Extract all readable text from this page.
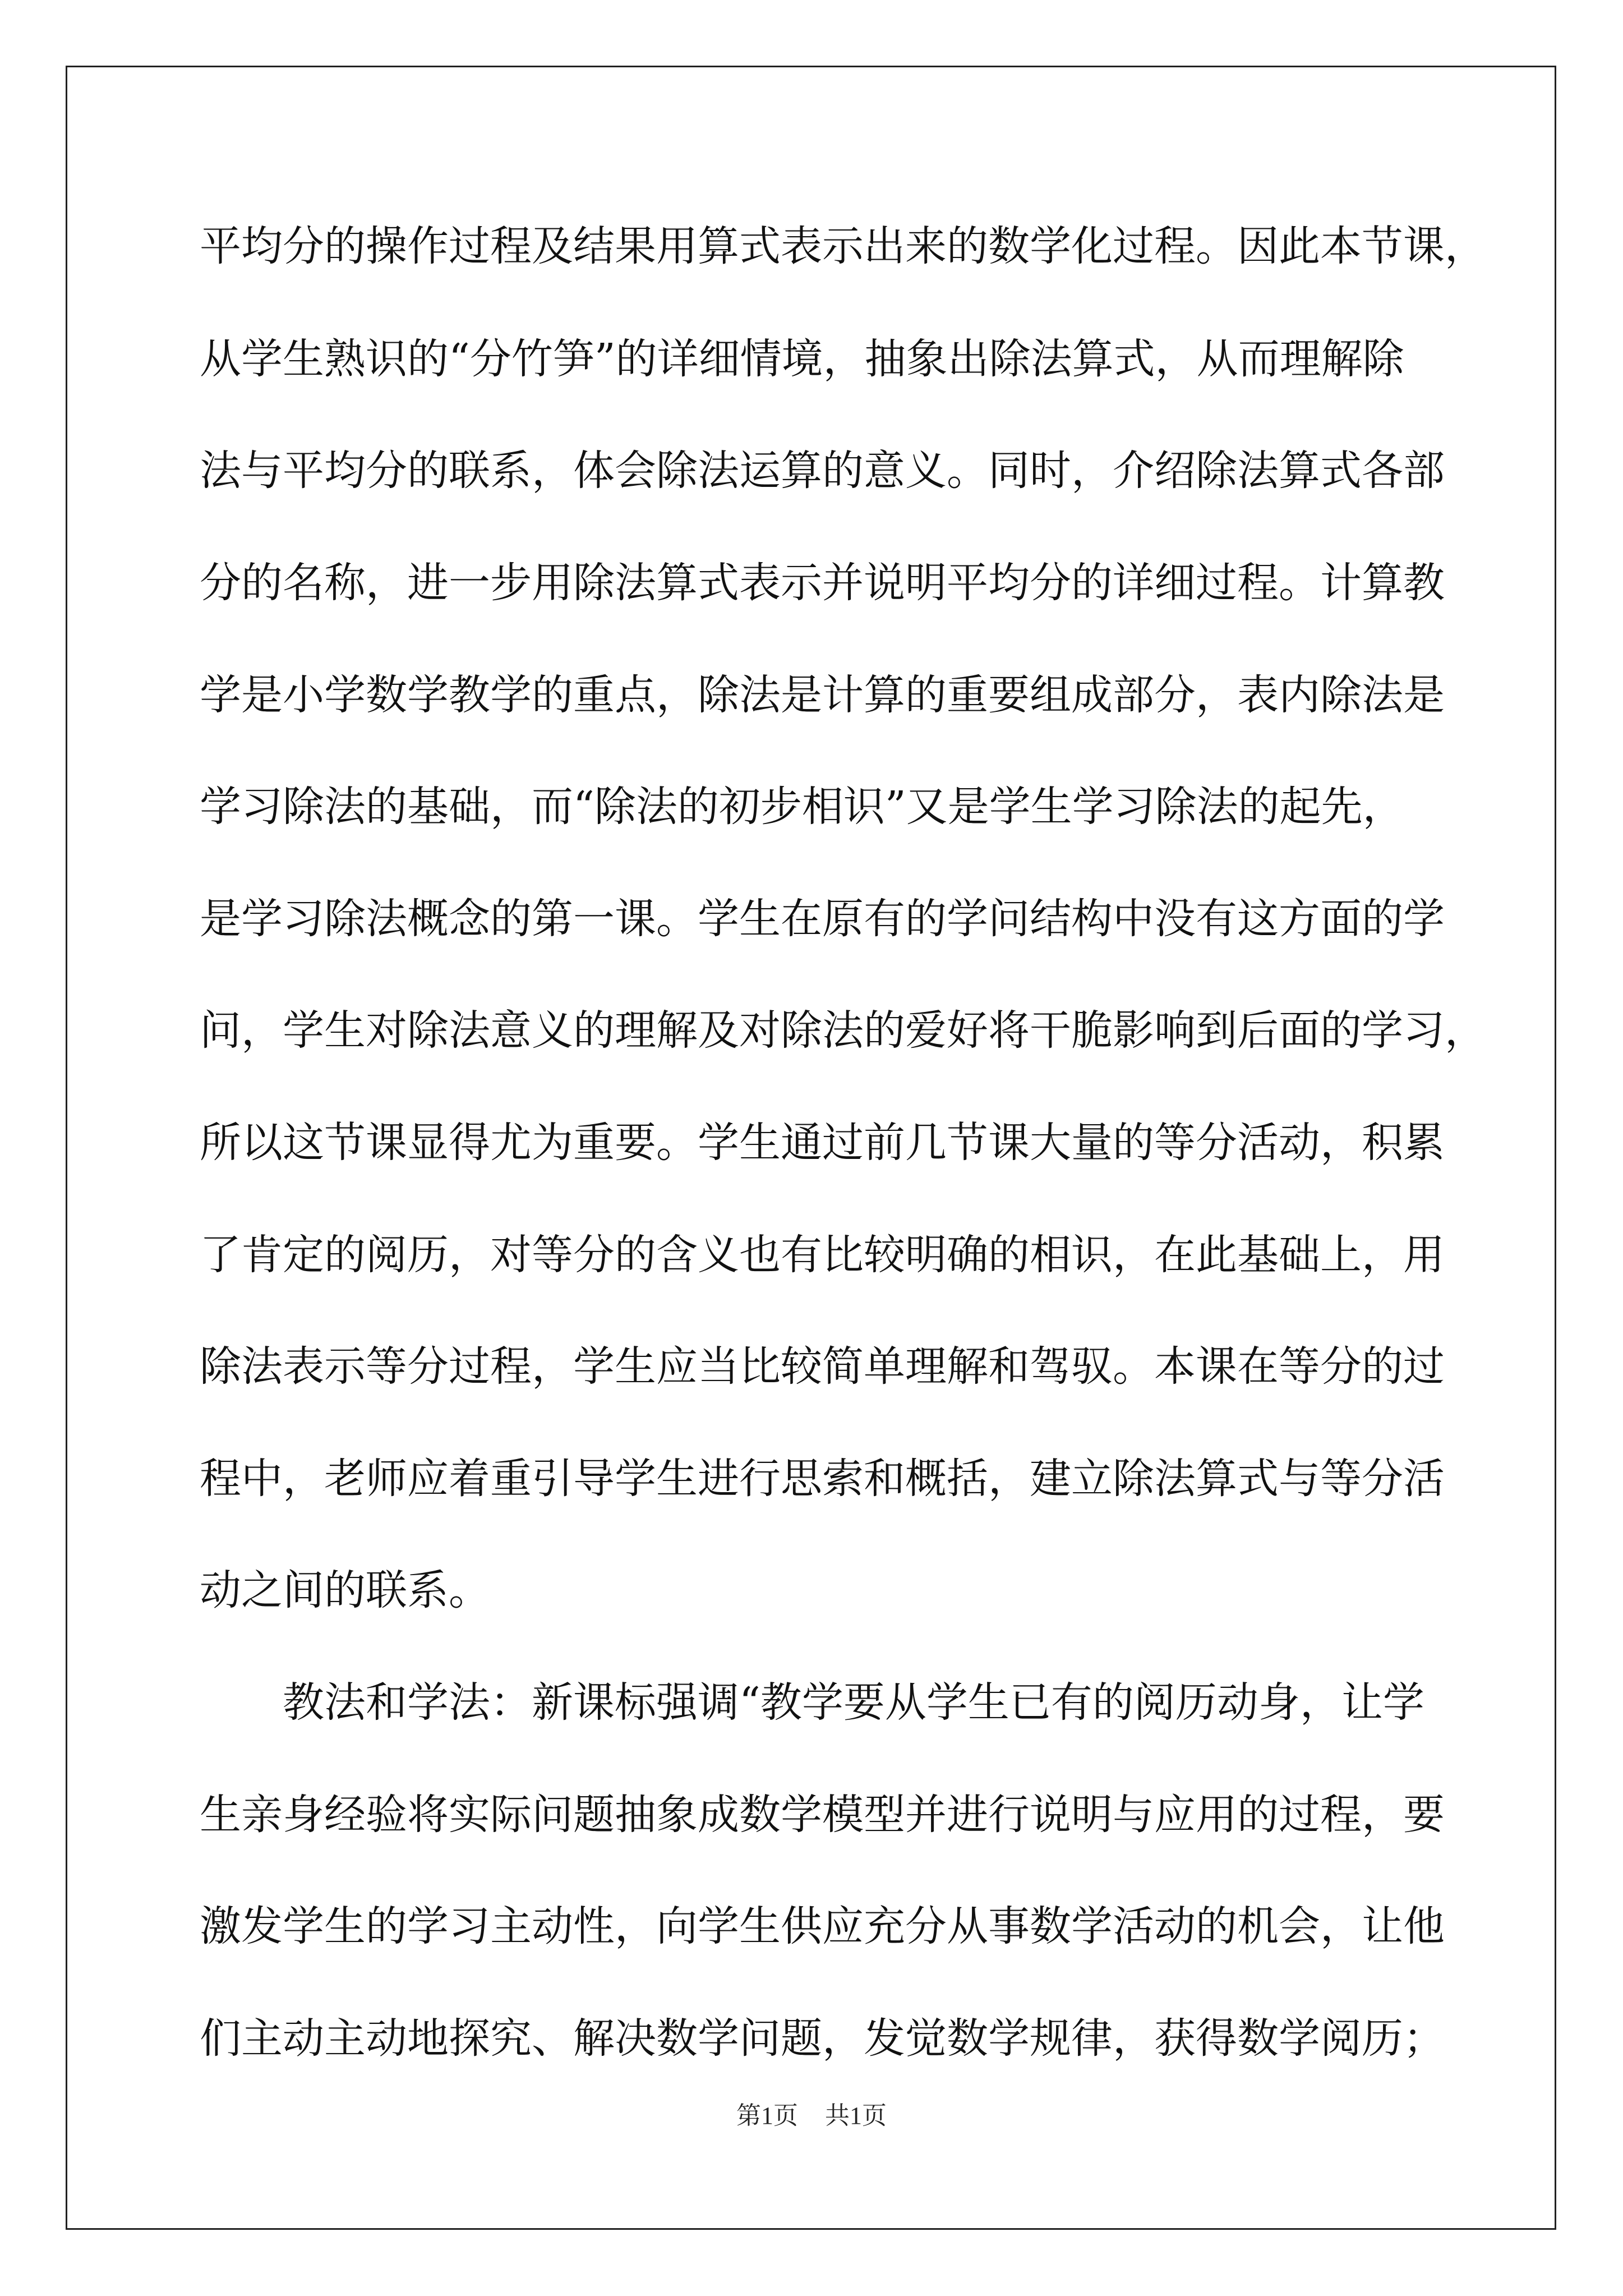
平均分的操作过程及结果用算式表示出来的数学化过程。因此本节课，
从学生熟识的“分竹笋”的详细情境，抽象出除法算式，从而理解除
法与平均分的联系，体会除法运算的意义。同时，介绍除法算式各部
分的名称，进一步用除法算式表示并说明平均分的详细过程。计算教
学是小学数学教学的重点，除法是计算的重要组成部分，表内除法是
学习除法的基础，而“除法的初步相识”又是学生学习除法的起先，
是学习除法概念的第一课。学生在原有的学问结构中没有这方面的学
问，学生对除法意义的理解及对除法的爱好将干脆影响到后面的学习，
所以这节课显得尤为重要。学生通过前几节课大量的等分活动，积累
了肯定的阅历，对等分的含义也有比较明确的相识，在此基础上，用
除法表示等分过程，学生应当比较简单理解和驾驭。本课在等分的过
程中，老师应着重引导学生进行思索和概括，建立除法算式与等分活
动之间的联系。
　　教法和学法：新课标强调“教学要从学生已有的阅历动身，让学
生亲身经验将实际问题抽象成数学模型并进行说明与应用的过程，要
激发学生的学习主动性，向学生供应充分从事数学活动的机会，让他
们主动主动地探究、解决数学问题，发觉数学规律，获得数学阅历；
第1页 共1页
